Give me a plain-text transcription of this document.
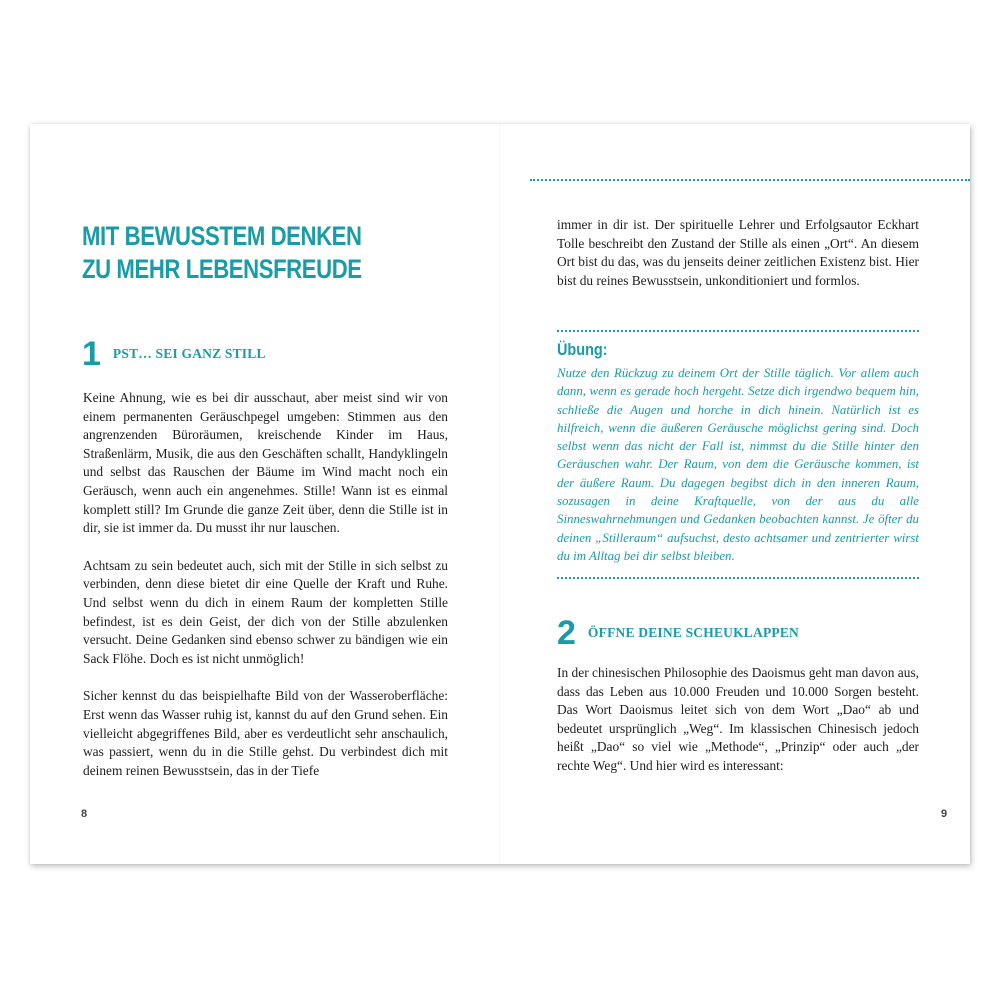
MIT BEWUSSTEM DENKEN
ZU MEHR LEBENSFREUDE
1 PST… SEI GANZ STILL

Keine Ahnung, wie es bei dir ausschaut, aber meist sind wir von einem permanenten Geräuschpegel umgeben: Stimmen aus den angrenzenden Büroräumen, kreischende Kinder im Haus, Straßenlärm, Musik, die aus den Geschäften schallt, Handyklingeln und selbst das Rauschen der Bäume im Wind macht noch ein Geräusch, wenn auch ein angenehmes. Stille! Wann ist es einmal komplett still? Im Grunde die ganze Zeit über, denn die Stille ist in dir, sie ist immer da. Du musst ihr nur lauschen.

Achtsam zu sein bedeutet auch, sich mit der Stille in sich selbst zu verbinden, denn diese bietet dir eine Quelle der Kraft und Ruhe. Und selbst wenn du dich in einem Raum der kompletten Stille befindest, ist es dein Geist, der dich von der Stille abzulenken versucht. Deine Gedanken sind ebenso schwer zu bändigen wie ein Sack Flöhe. Doch es ist nicht unmöglich!

Sicher kennst du das beispielhafte Bild von der Wasseroberfläche: Erst wenn das Wasser ruhig ist, kannst du auf den Grund sehen. Ein vielleicht abgegriffenes Bild, aber es verdeutlicht sehr anschaulich, was passiert, wenn du in die Stille gehst. Du verbindest dich mit deinem reinen Bewusstsein, das in der Tiefe

8

immer in dir ist. Der spirituelle Lehrer und Erfolgsautor Eckhart Tolle beschreibt den Zustand der Stille als einen „Ort“. An diesem Ort bist du das, was du jenseits deiner zeitlichen Existenz bist. Hier bist du reines Bewusstsein, unkonditioniert und formlos.

Übung:

Nutze den Rückzug zu deinem Ort der Stille täglich. Vor allem auch dann, wenn es gerade hoch hergeht. Setze dich irgendwo bequem hin, schließe die Augen und horche in dich hinein. Natürlich ist es hilfreich, wenn die äußeren Geräusche möglichst gering sind. Doch selbst wenn das nicht der Fall ist, nimmst du die Stille hinter den Geräuschen wahr. Der Raum, von dem die Geräusche kommen, ist der äußere Raum. Du dagegen begibst dich in den inneren Raum, sozusagen in deine Kraftquelle, von der aus du alle Sinneswahrnehmungen und Gedanken beobachten kannst. Je öfter du deinen „Stilleraum“ aufsuchst, desto achtsamer und zentrierter wirst du im Alltag bei dir selbst bleiben.

2 ÖFFNE DEINE SCHEUKLAPPEN

In der chinesischen Philosophie des Daoismus geht man davon aus, dass das Leben aus 10.000 Freuden und 10.000 Sorgen besteht. Das Wort Daoismus leitet sich von dem Wort „Dao“ ab und bedeutet ursprünglich „Weg“. Im klassischen Chinesisch jedoch heißt „Dao“ so viel wie „Methode“, „Prinzip“ oder auch „der rechte Weg“. Und hier wird es interessant:

9
